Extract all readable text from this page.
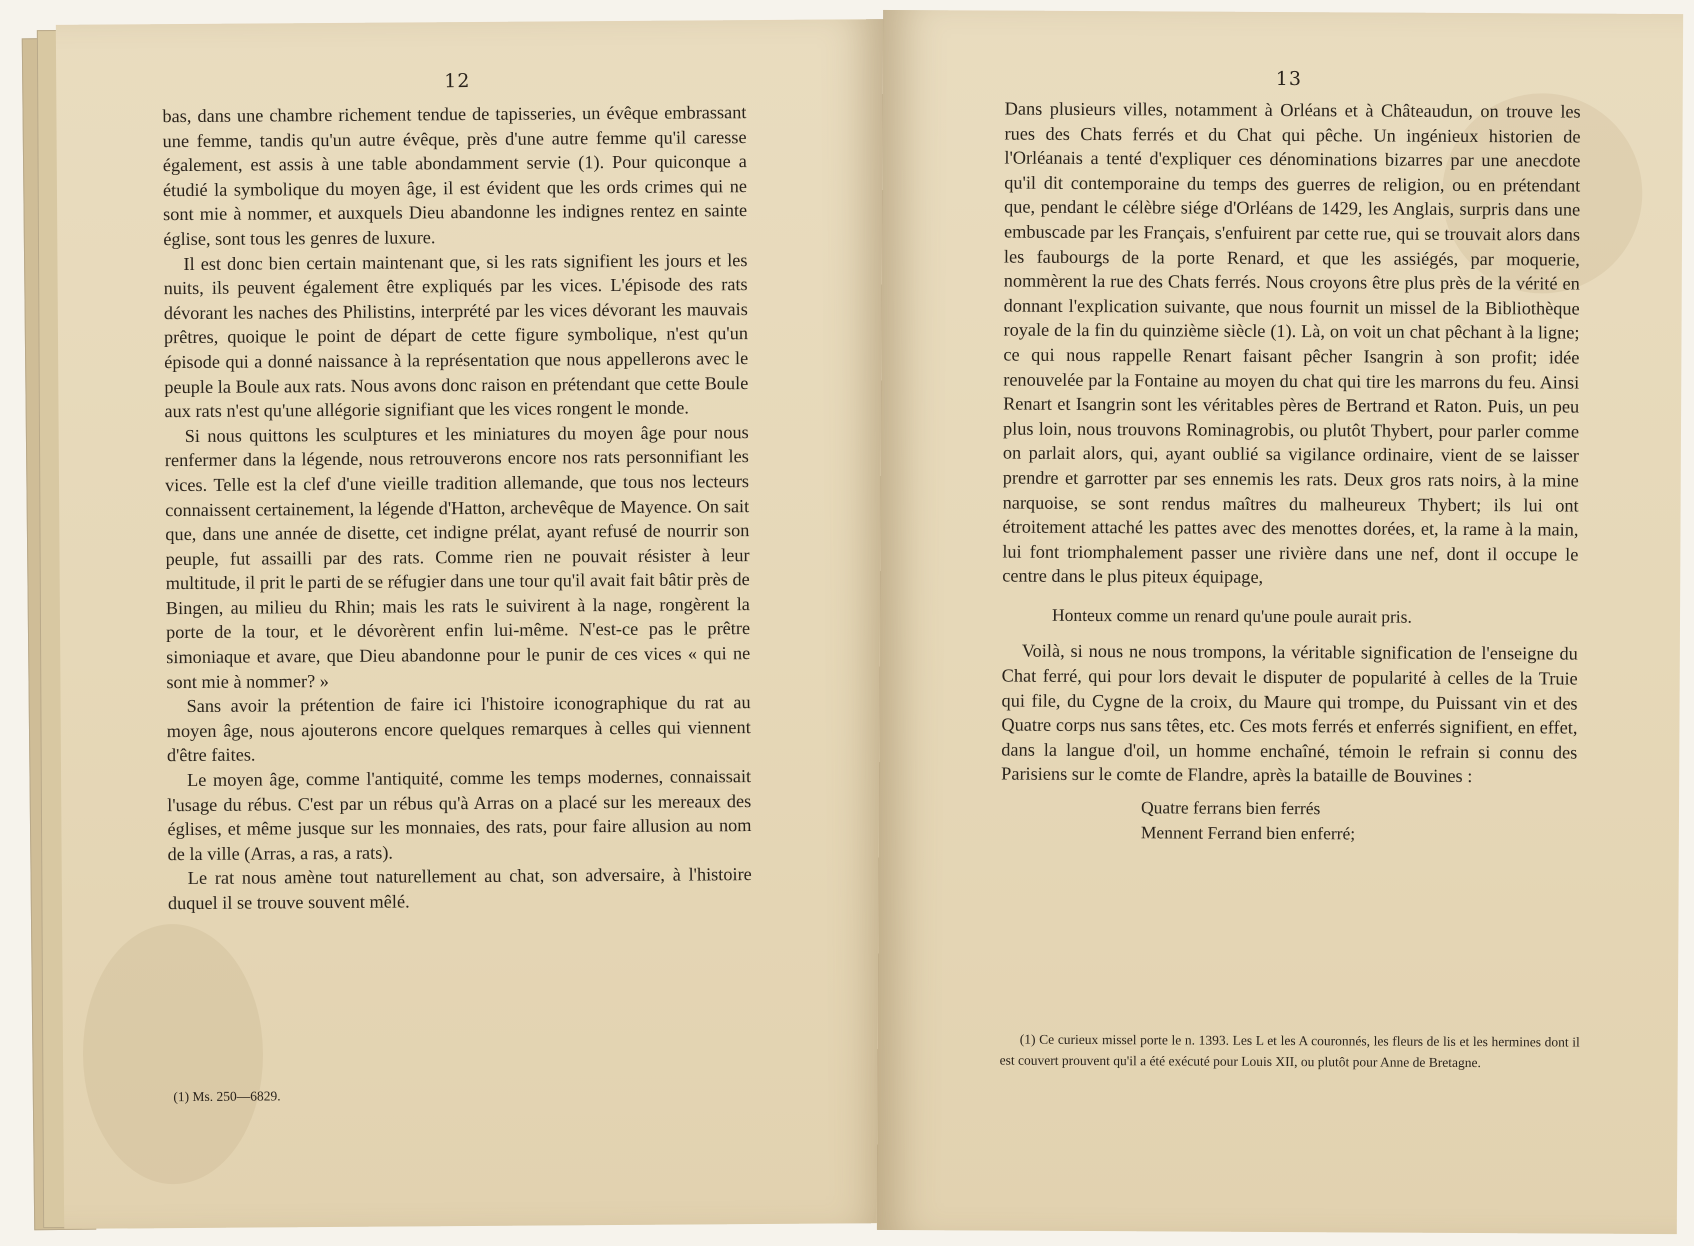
12

bas, dans une chambre richement tendue de tapisseries, un évêque embrassant une femme, tandis qu'un autre évêque, près d'une autre femme qu'il caresse également, est assis à une table abondamment servie (1). Pour quiconque a étudié la symbolique du moyen âge, il est évident que les ords crimes qui ne sont mie à nommer, et auxquels Dieu abandonne les indignes rentez en sainte église, sont tous les genres de luxure.

Il est donc bien certain maintenant que, si les rats signifient les jours et les nuits, ils peuvent également être expliqués par les vices. L'épisode des rats dévorant les naches des Philistins, interprété par les vices dévorant les mauvais prêtres, quoique le point de départ de cette figure symbolique, n'est qu'un épisode qui a donné naissance à la représentation que nous appellerons avec le peuple la Boule aux rats. Nous avons donc raison en prétendant que cette Boule aux rats n'est qu'une allégorie signifiant que les vices rongent le monde.

Si nous quittons les sculptures et les miniatures du moyen âge pour nous renfermer dans la légende, nous retrouverons encore nos rats personnifiant les vices. Telle est la clef d'une vieille tradition allemande, que tous nos lecteurs connaissent certainement, la légende d'Hatton, archevêque de Mayence. On sait que, dans une année de disette, cet indigne prélat, ayant refusé de nourrir son peuple, fut assailli par des rats. Comme rien ne pouvait résister à leur multitude, il prit le parti de se réfugier dans une tour qu'il avait fait bâtir près de Bingen, au milieu du Rhin; mais les rats le suivirent à la nage, rongèrent la porte de la tour, et le dévorèrent enfin lui-même. N'est-ce pas le prêtre simoniaque et avare, que Dieu abandonne pour le punir de ces vices « qui ne sont mie à nommer? »

Sans avoir la prétention de faire ici l'histoire iconographique du rat au moyen âge, nous ajouterons encore quelques remarques à celles qui viennent d'être faites.

Le moyen âge, comme l'antiquité, comme les temps modernes, connaissait l'usage du rébus. C'est par un rébus qu'à Arras on a placé sur les mereaux des églises, et même jusque sur les monnaies, des rats, pour faire allusion au nom de la ville (Arras, a ras, a rats).

Le rat nous amène tout naturellement au chat, son adversaire, à l'histoire duquel il se trouve souvent mêlé.

(1) Ms. 250—6829.

13

Dans plusieurs villes, notamment à Orléans et à Châteaudun, on trouve les rues des Chats ferrés et du Chat qui pêche. Un ingénieux historien de l'Orléanais a tenté d'expliquer ces dénominations bizarres par une anecdote qu'il dit contemporaine du temps des guerres de religion, ou en prétendant que, pendant le célèbre siége d'Orléans de 1429, les Anglais, surpris dans une embuscade par les Français, s'enfuirent par cette rue, qui se trouvait alors dans les faubourgs de la porte Renard, et que les assiégés, par moquerie, nommèrent la rue des Chats ferrés. Nous croyons être plus près de la vérité en donnant l'explication suivante, que nous fournit un missel de la Bibliothèque royale de la fin du quinzième siècle (1). Là, on voit un chat pêchant à la ligne; ce qui nous rappelle Renart faisant pêcher Isangrin à son profit; idée renouvelée par la Fontaine au moyen du chat qui tire les marrons du feu. Ainsi Renart et Isangrin sont les véritables pères de Bertrand et Raton. Puis, un peu plus loin, nous trouvons Rominagrobis, ou plutôt Thybert, pour parler comme on parlait alors, qui, ayant oublié sa vigilance ordinaire, vient de se laisser prendre et garrotter par ses ennemis les rats. Deux gros rats noirs, à la mine narquoise, se sont rendus maîtres du malheureux Thybert; ils lui ont étroitement attaché les pattes avec des menottes dorées, et, la rame à la main, lui font triomphalement passer une rivière dans une nef, dont il occupe le centre dans le plus piteux équipage,

Honteux comme un renard qu'une poule aurait pris.

Voilà, si nous ne nous trompons, la véritable signification de l'enseigne du Chat ferré, qui pour lors devait le disputer de popularité à celles de la Truie qui file, du Cygne de la croix, du Maure qui trompe, du Puissant vin et des Quatre corps nus sans têtes, etc. Ces mots ferrés et enferrés signifient, en effet, dans la langue d'oil, un homme enchaîné, témoin le refrain si connu des Parisiens sur le comte de Flandre, après la bataille de Bouvines :

Quatre ferrans bien ferrés

Mennent Ferrand bien enferré;

(1) Ce curieux missel porte le n. 1393. Les L et les A couronnés, les fleurs de lis et les hermines dont il est couvert prouvent qu'il a été exécuté pour Louis XII, ou plutôt pour Anne de Bretagne.
